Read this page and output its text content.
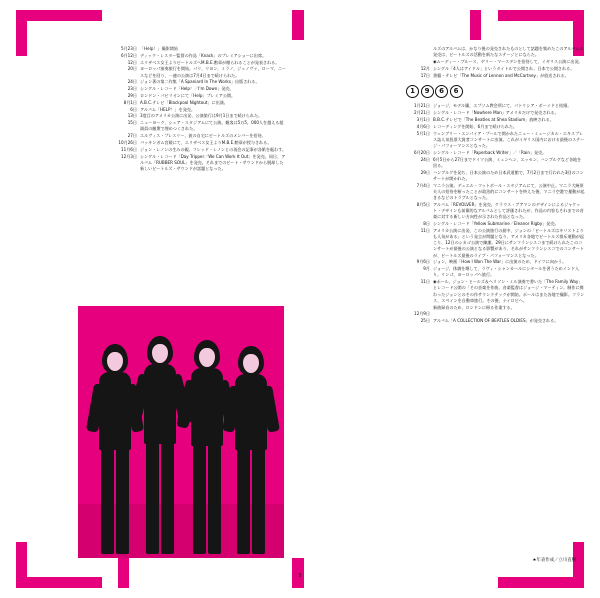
5月23日 「Help！」撮影開始
6月12日 ディック・レスター監督の作品「Knack」のプレミアショーに出席。
12日 エリザベス女王よりビートルズへM.B.E.勲章が贈られることが発表される。
20日 ヨーロッパ演奏旅行を開始。パリ、リヨン、ミラノ、ジェノヴァ、ローマ、ニースなどを回り、一連の公演は7月4日まで続けられた。
24日 ジョン著の第二作集「A Spaniard In The Works」出版される。
23日 シングル・レコード「Help！／I'm Down」発売。
29日 ロンドン・パビリオンにて「Help」プレミア公開。
8月1日 A.B.C.テレビ「Blackpool Nightout」に出演。
6日 アルバム「HELP！」を発売。
13日 3度目のアメリカ公演に出発、公演旅行は9月1日まで続けられた。
15日 ニューヨーク、シェア・スタジアムにて公演。観客は5万5，000人を越える超満員の観衆で埋めつくされた。
27日 エルヴィス・プレスリー、彼の自宅にビートルズのメンバーを招待。
10月26日 バッキンガム宮殿にて、エリザベス女王よりM.B.E.勲章が授与される。
11月6日 ジョン・レノンの生みの親、フレッド・レノンとの再会の記事が各紙を賑わす。
12月3日 シングル・レコード「Day Tripper／We Can Work It Out」を発売。同日、アルバム「RUBBER SOUL」を発売。それまでのビート・サウンドから脱却した新しいビートルズ・サウンドが話題となった。
ルズのアルバムは、かなり後の発売されたものとして話題を集めたこのアルバムの発売は、ビートルズの活動を新たなステージとにならた。
◉ムーディー・ブルース、ゲリー・マースデンを招待して、イギリス公演に出発。
12月 シングル「4人はアイドル」というタイトルで公開され、日本で公開される。
17日 書籍・テレビ「The Music of Lennon and McCartney」が放送される。
1	9	6	6
1月21日 ジョージ、モデル嬢、エプソム教会所にて、パトリシア・ボーイドと結婚。
2月21日 シングル・レコード「Nowhere Man」アメリカだけで発売される。
3月1日 B.B.C.テレビで「The Beatles at Shea Stadium」放映される。
4月6日 レコーディングを開始、6月まで続けられた。
5月1日 ウェンブリー・エンパイア・プールで開かれたニュー・ミュージカル・エキスプレス誌人気投票大賞者コンサートに出演。これがイギリス国内における最後のステージ・パフォーマンスとなった。
6月20日 シングル・レコード「Paperback Writer」／「Rain」発売。
24日 6月5日から27日までドイツ公演、ミュンヘン、エッセン、ハンブルグなど各地を回る。
29日 ハンブルグを発ち、日本公演のため日本武道館で、7月2日まで行われた3回のコンサートが開かれた。
7月4日 マニラ公演。デュエル・フットボール・スタジアムにて、公演中止。マニラ大統領夫人の招待を断ったことが政治的にコンサートを終えた後、マニラ空港で暴動が起きるなどのトラブルとなった。
8月5日 アルバム「REVOLVER」を発売。クラウス・ブアマンのデザインによるジャケット・デザインも前衛的なアルバムとして評価されたが、作品の内容もそれまでの音楽に対する新しい方向性が示された作品となった。
8日 シングル・レコード「Yellow Submarine／Eleanor Rigby」発売。
11日 アメリカ公演に出発、この公演旅行の最中、ジョンの「ビートルズはキリストよりも人気がある」という発言が問題となり、アメリカ各地でビートルズ排斥運動が起こり、12日のシカゴ公演で陳謝。29日にサンフランシスコまで続けられたこのコンサートが最後の公演となる影響があり、それがサンフランシスコでのコンサートが、ビートルズ最後のライブ・パフォーマンスとなった。
9月6日 ジョン、映画「How I Won The War」に出演のため、ドイツに向かう。
9月 ジョージ、体調を壊して、ラヴィ・シャンカールにシタールを習うためインド入り。リンゴ、ヨーロッパへ旅行。
11日 ◉ポール、ジョン・ヒールズ＆ヘリソン・ミル演奏で書いた「The Family Way」とレコード公開の「その音楽を作曲。音楽監督はジョージ・マーティン。制作に携わったジョンとのその作サウンドテックが開始。ポールはまた各地で撮影。フランス、スペインを自動車旅行。その後、ナイロビへ。
新曲録音のため、ロンドンに帰る作業する。
12月9日
25日 アルバム「A COLLECTION OF BEATLES OLDIES」が発売される。
★年表作成／立川直樹
5
